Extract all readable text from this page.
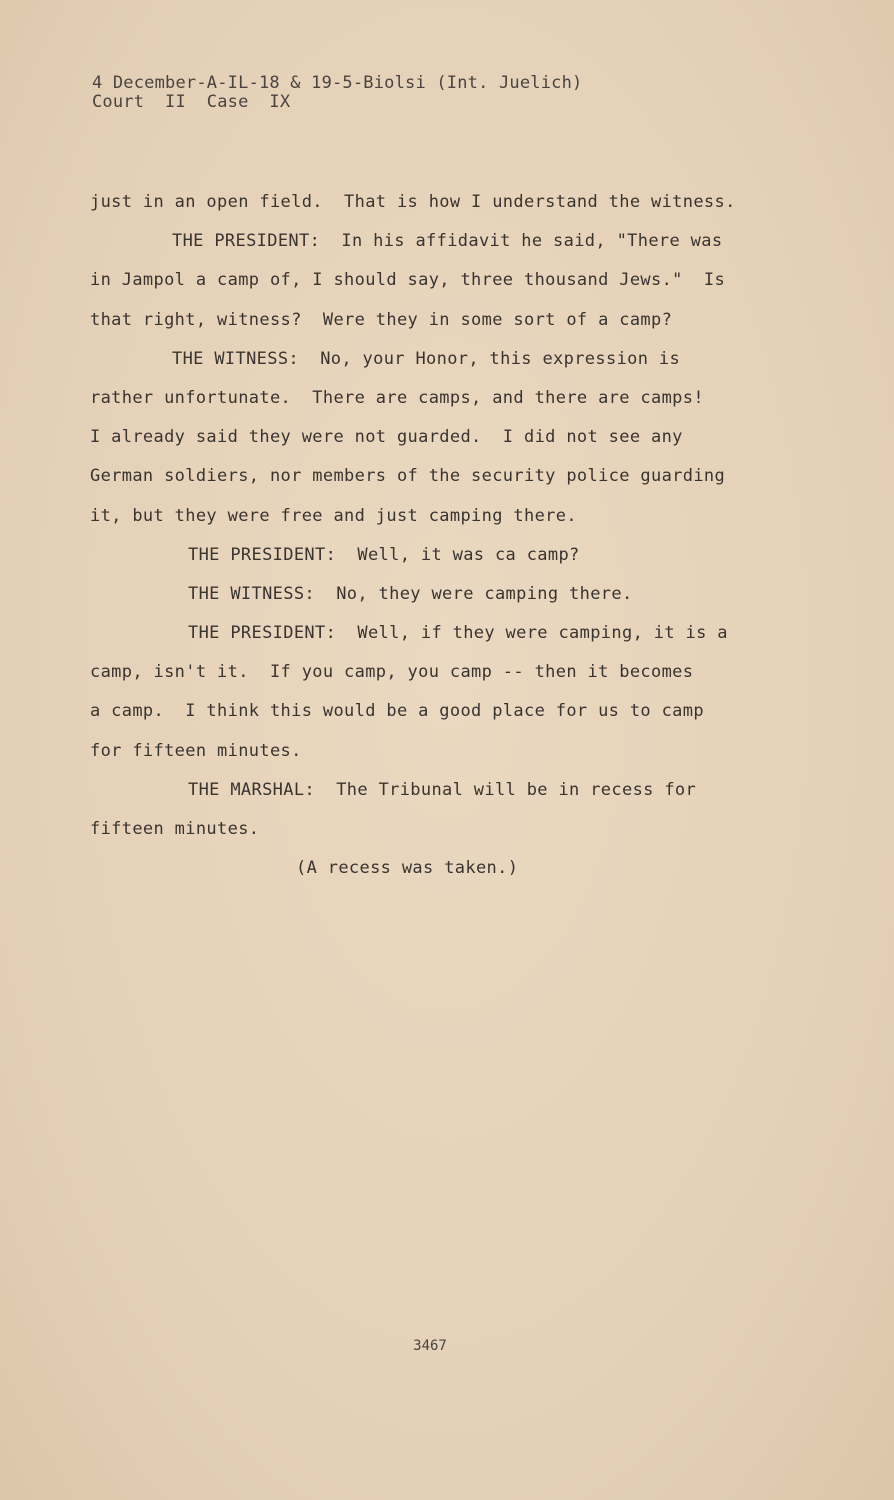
4 December-A-IL-18 & 19-5-Biolsi (Int. Juelich)
Court  II  Case  IX
just in an open field.  That is how I understand the witness.
THE PRESIDENT:  In his affidavit he said, "There was
in Jampol a camp of, I should say, three thousand Jews."  Is
that right, witness?  Were they in some sort of a camp?
THE WITNESS:  No, your Honor, this expression is
rather unfortunate.  There are camps, and there are camps!
I already said they were not guarded.  I did not see any
German soldiers, nor members of the security police guarding
it, but they were free and just camping there.
THE PRESIDENT:  Well, it was ca camp?
THE WITNESS:  No, they were camping there.
THE PRESIDENT:  Well, if they were camping, it is a
camp, isn't it.  If you camp, you camp -- then it becomes
a camp.  I think this would be a good place for us to camp
for fifteen minutes.
THE MARSHAL:  The Tribunal will be in recess for
fifteen minutes.
(A recess was taken.)
3467
